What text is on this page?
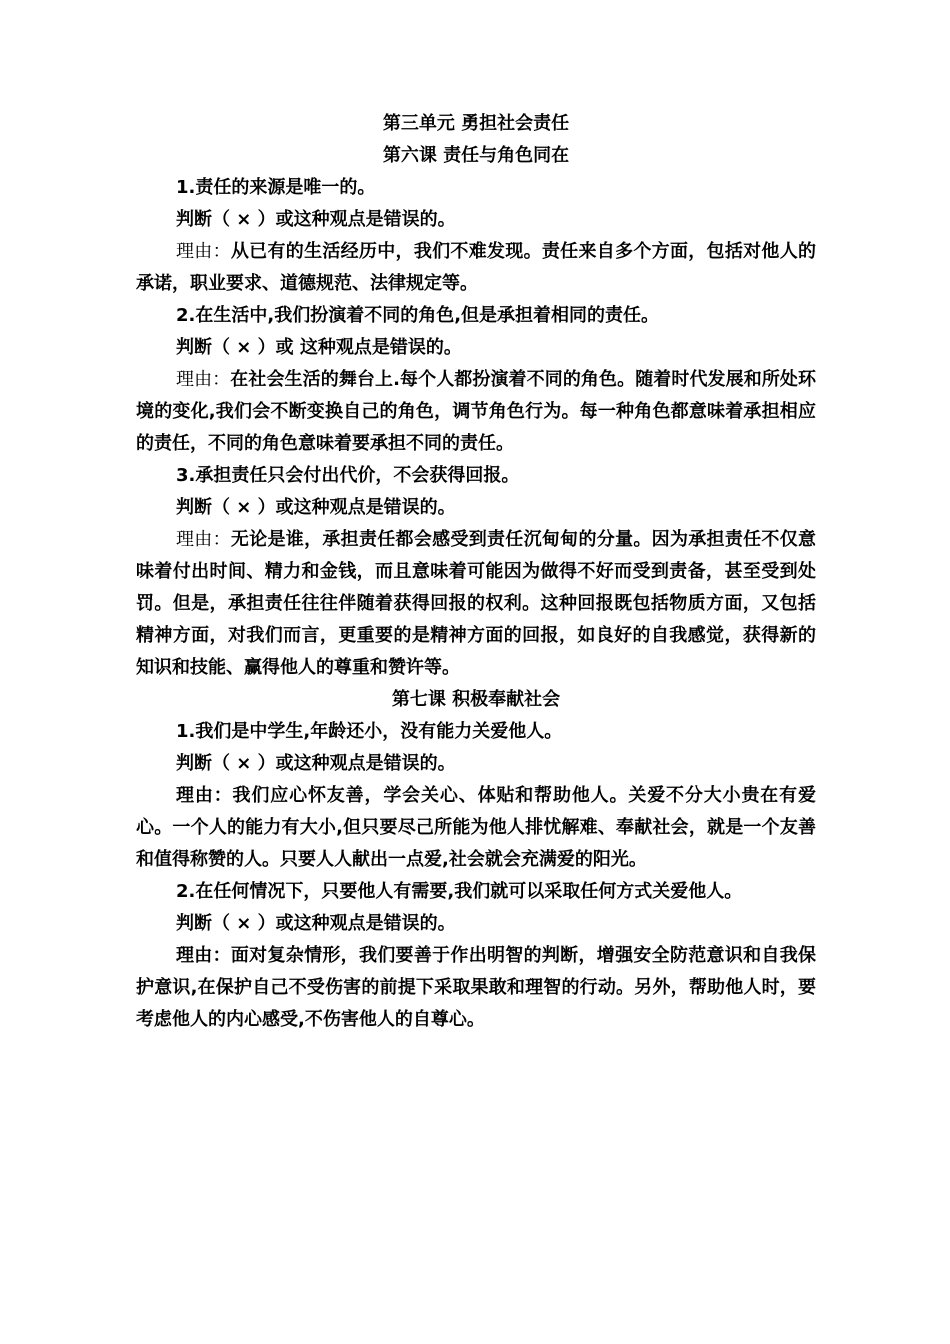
第三单元 勇担社会责任

第六课 责任与角色同在

1.责任的来源是唯一的。

判断（ × ）或这种观点是错误的。

理由：从已有的生活经历中，我们不难发现。责任来自多个方面，包括对他人的承诺，职业要求、道德规范、法律规定等。

2.在生活中,我们扮演着不同的角色,但是承担着相同的责任。

判断（ × ）或 这种观点是错误的。

理由：在社会生活的舞台上.每个人都扮演着不同的角色。随着时代发展和所处环境的变化,我们会不断变换自己的角色，调节角色行为。每一种角色都意味着承担相应的责任，不同的角色意味着要承担不同的责任。

3.承担责任只会付出代价，不会获得回报。

判断（ × ）或这种观点是错误的。

理由：无论是谁，承担责任都会感受到责任沉甸甸的分量。因为承担责任不仅意味着付出时间、精力和金钱，而且意味着可能因为做得不好而受到责备，甚至受到处罚。但是，承担责任往往伴随着获得回报的权利。这种回报既包括物质方面，又包括精神方面，对我们而言，更重要的是精神方面的回报，如良好的自我感觉，获得新的知识和技能、赢得他人的尊重和赞许等。

第七课 积极奉献社会

1.我们是中学生,年龄还小，没有能力关爱他人。

判断（ × ）或这种观点是错误的。

理由：我们应心怀友善，学会关心、体贴和帮助他人。关爱不分大小贵在有爱心。一个人的能力有大小,但只要尽己所能为他人排忧解难、奉献社会，就是一个友善和值得称赞的人。只要人人献出一点爱,社会就会充满爱的阳光。

2.在任何情况下，只要他人有需要,我们就可以采取任何方式关爱他人。

判断（ × ）或这种观点是错误的。

理由：面对复杂情形，我们要善于作出明智的判断，增强安全防范意识和自我保护意识,在保护自己不受伤害的前提下采取果敢和理智的行动。另外，帮助他人时，要考虑他人的内心感受,不伤害他人的自尊心。
